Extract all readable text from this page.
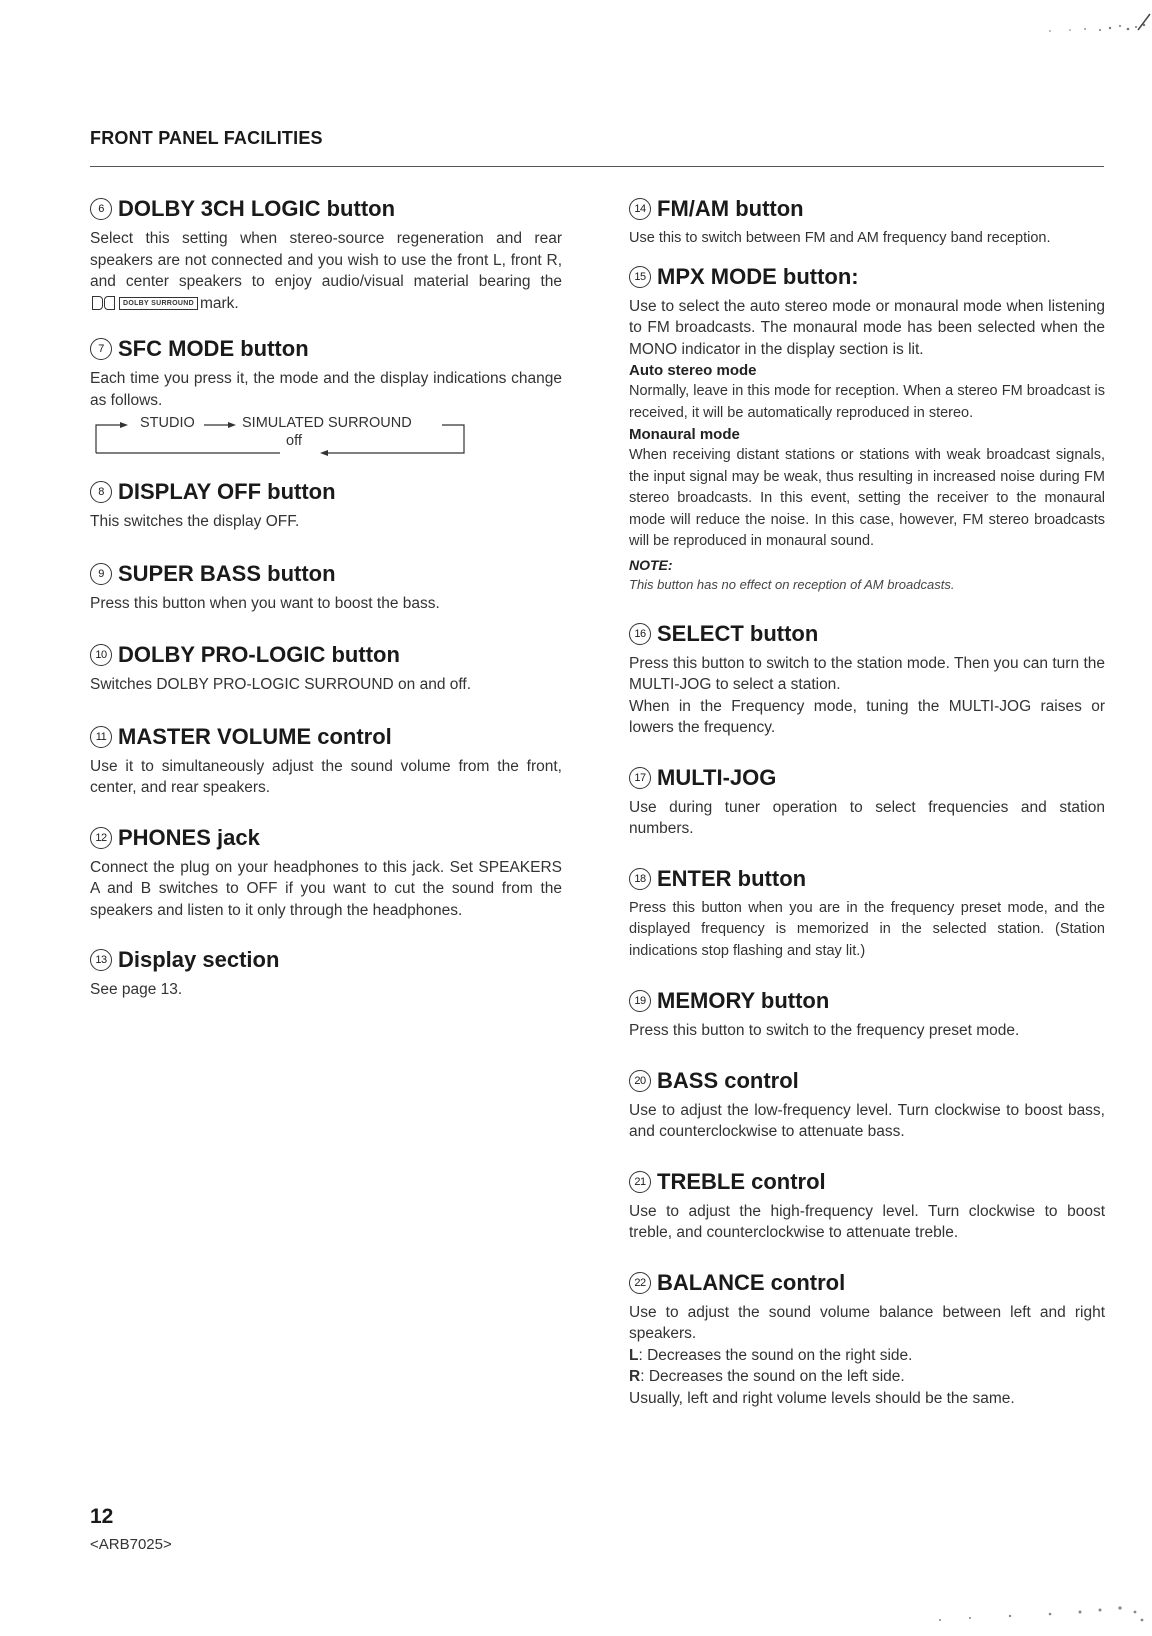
FRONT PANEL FACILITIES
6 DOLBY 3CH LOGIC button

Select this setting when stereo-source regeneration and rear speakers are not connected and you wish to use the front L, front R, and center speakers to enjoy audio/visual material bearing the
DOLBY SURROUND mark.

7 SFC MODE button

Each time you press it, the mode and the display indications change as follows.

STUDIO	SIMULATED SURROUND
off
8 DISPLAY OFF button

This switches the display OFF.

9 SUPER BASS button

Press this button when you want to boost the bass.

10 DOLBY PRO-LOGIC button

Switches DOLBY PRO-LOGIC SURROUND on and off.

11 MASTER VOLUME control

Use it to simultaneously adjust the sound volume from the front, center, and rear speakers.

12 PHONES jack

Connect the plug on your headphones to this jack. Set SPEAKERS A and B switches to OFF if you want to cut the sound from the speakers and listen to it only through the headphones.

13 Display section

See page 13.

14 FM/AM button

Use this to switch between FM and AM frequency band reception.

15 MPX MODE button:

Use to select the auto stereo mode or monaural mode when listening to FM broadcasts. The monaural mode has been selected when the MONO indicator in the display section is lit.

Auto stereo mode

Normally, leave in this mode for reception. When a stereo FM broadcast is received, it will be automatically reproduced in stereo.

Monaural mode

When receiving distant stations or stations with weak broadcast signals, the input signal may be weak, thus resulting in increased noise during FM stereo broadcasts. In this event, setting the receiver to the monaural mode will reduce the noise. In this case, however, FM stereo broadcasts will be reproduced in monaural sound.

NOTE:

This button has no effect on reception of AM broadcasts.

16 SELECT button

Press this button to switch to the station mode. Then you can turn the MULTI-JOG to select a station.

When in the Frequency mode, tuning the MULTI-JOG raises or lowers the frequency.

17 MULTI-JOG

Use during tuner operation to select frequencies and station numbers.

18 ENTER button

Press this button when you are in the frequency preset mode, and the displayed frequency is memorized in the selected station. (Station indications stop flashing and stay lit.)

19 MEMORY button

Press this button to switch to the frequency preset mode.

20 BASS control

Use to adjust the low-frequency level. Turn clockwise to boost bass, and counterclockwise to attenuate bass.

21 TREBLE control

Use to adjust the high-frequency level. Turn clockwise to boost treble, and counterclockwise to attenuate treble.

22 BALANCE control

Use to adjust the sound volume balance between left and right speakers.

L: Decreases the sound on the right side.

R: Decreases the sound on the left side.

Usually, left and right volume levels should be the same.

12
<ARB7025>
